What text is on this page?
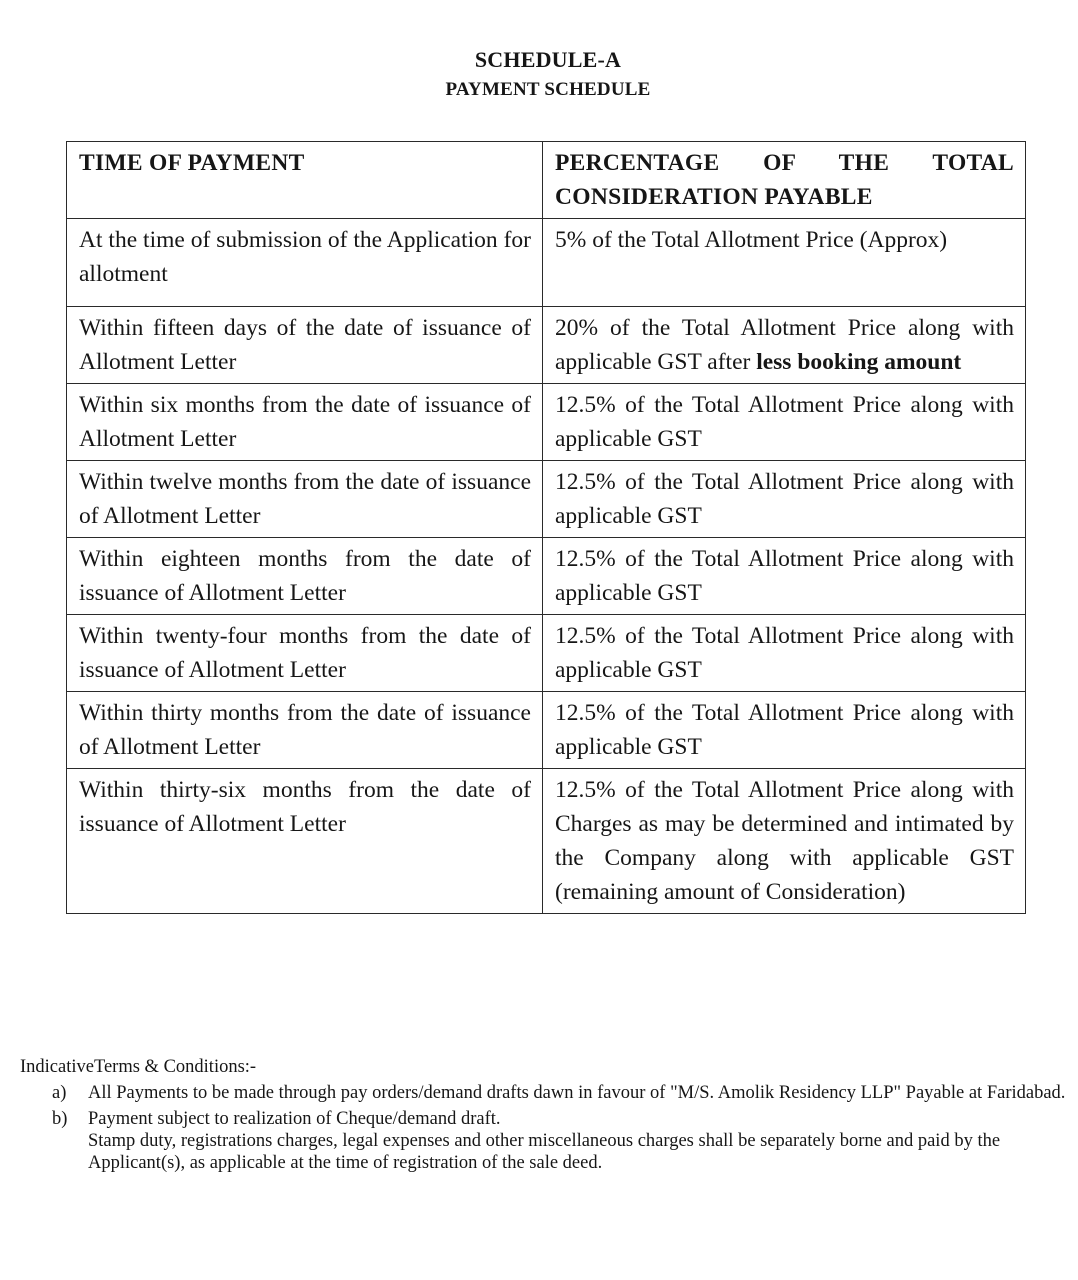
SCHEDULE-A
PAYMENT SCHEDULE
TIME OF PAYMENT	PERCENTAGE OF THE TOTAL CONSIDERATION PAYABLE
At the time of submission of the Application for allotment	5% of the Total Allotment Price (Approx)
Within fifteen days of the date of issuance of Allotment Letter	20% of the Total Allotment Price along with applicable GST after less booking amount
Within six months from the date of issuance of Allotment Letter	12.5% of the Total Allotment Price along with applicable GST
Within twelve months from the date of issuance of Allotment Letter	12.5% of the Total Allotment Price along with applicable GST
Within eighteen months from the date of issuance of Allotment Letter	12.5% of the Total Allotment Price along with applicable GST
Within twenty-four months from the date of issuance of Allotment Letter	12.5% of the Total Allotment Price along with applicable GST
Within thirty months from the date of issuance of Allotment Letter	12.5% of the Total Allotment Price along with applicable GST
Within thirty-six months from the date of issuance of Allotment Letter	12.5% of the Total Allotment Price along with Charges as may be determined and intimated by the Company along with applicable GST (remaining amount of Consideration)

IndicativeTerms & Conditions:-

a) All Payments to be made through pay orders/demand drafts dawn in favour of "M/S. Amolik Residency LLP" Payable at Faridabad.

b) Payment subject to realization of Cheque/demand draft.

Stamp duty, registrations charges, legal expenses and other miscellaneous charges shall be separately borne and paid by the Applicant(s), as applicable at the time of registration of the sale deed.
